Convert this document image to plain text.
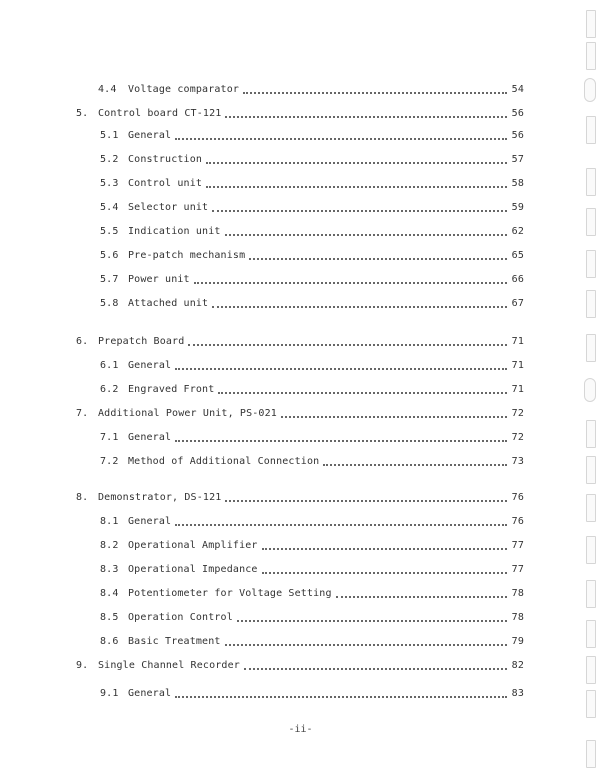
4.4	Voltage comparator	54
5. Control board CT-121	56
5.1 General	56
5.2 Construction	57
5.3 Control unit	58
5.4 Selector unit	59
5.5 Indication unit	62
5.6 Pre-patch mechanism	65
5.7 Power unit	66
5.8 Attached unit	67
6. Prepatch Board	71
6.1 General	71
6.2 Engraved Front	71
7. Additional Power Unit, PS-021	72
7.1 General	72
7.2 Method of Additional Connection	73
8. Demonstrator, DS-121	76
8.1 General	76
8.2 Operational Amplifier	77
8.3 Operational Impedance	77
8.4 Potentiometer for Voltage Setting	78
8.5 Operation Control	78
8.6 Basic Treatment	79
9. Single Channel Recorder	82
9.1 General	83
-ii-
